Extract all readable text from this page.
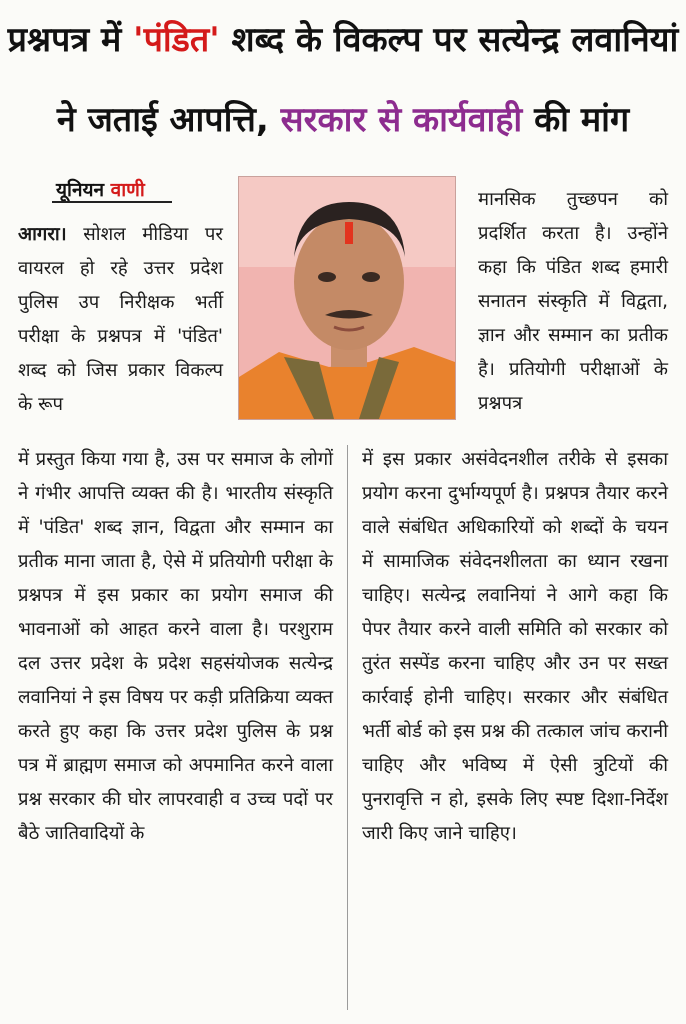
प्रश्नपत्र में 'पंडित' शब्द के विकल्प पर सत्येन्द्र लवानियां
ने जताई आपत्ति, सरकार से कार्यवाही की मांग
यूनियन वाणी

आगरा। सोशल मीडिया पर वायरल हो रहे उत्तर प्रदेश पुलिस उप निरीक्षक भर्ती परीक्षा के प्रश्नपत्र में 'पंडित' शब्द को जिस प्रकार विकल्प के रूप

मानसिक तुच्छपन को प्रदर्शित करता है। उन्होंने कहा कि पंडित शब्द हमारी सनातन संस्कृति में विद्वता, ज्ञान और सम्मान का प्रतीक है। प्रतियोगी परीक्षाओं के प्रश्नपत्र

में प्रस्तुत किया गया है, उस पर समाज के लोगों ने गंभीर आपत्ति व्यक्त की है। भारतीय संस्कृति में 'पंडित' शब्द ज्ञान, विद्वता और सम्मान का प्रतीक माना जाता है, ऐसे में प्रतियोगी परीक्षा के प्रश्नपत्र में इस प्रकार का प्रयोग समाज की भावनाओं को आहत करने वाला है। परशुराम दल उत्तर प्रदेश के प्रदेश सहसंयोजक सत्येन्द्र लवानियां ने इस विषय पर कड़ी प्रतिक्रिया व्यक्त करते हुए कहा कि उत्तर प्रदेश पुलिस के प्रश्न पत्र में ब्राह्मण समाज को अपमानित करने वाला प्रश्न सरकार की घोर लापरवाही व उच्च पदों पर बैठे जातिवादियों के

में इस प्रकार असंवेदनशील तरीके से इसका प्रयोग करना दुर्भाग्यपूर्ण है। प्रश्नपत्र तैयार करने वाले संबंधित अधिकारियों को शब्दों के चयन में सामाजिक संवेदनशीलता का ध्यान रखना चाहिए। सत्येन्द्र लवानियां ने आगे कहा कि पेपर तैयार करने वाली समिति को सरकार को तुरंत सस्पेंड करना चाहिए और उन पर सख्त कार्रवाई होनी चाहिए। सरकार और संबंधित भर्ती बोर्ड को इस प्रश्न की तत्काल जांच करानी चाहिए और भविष्य में ऐसी त्रुटियों की पुनरावृत्ति न हो, इसके लिए स्पष्ट दिशा-निर्देश जारी किए जाने चाहिए।
